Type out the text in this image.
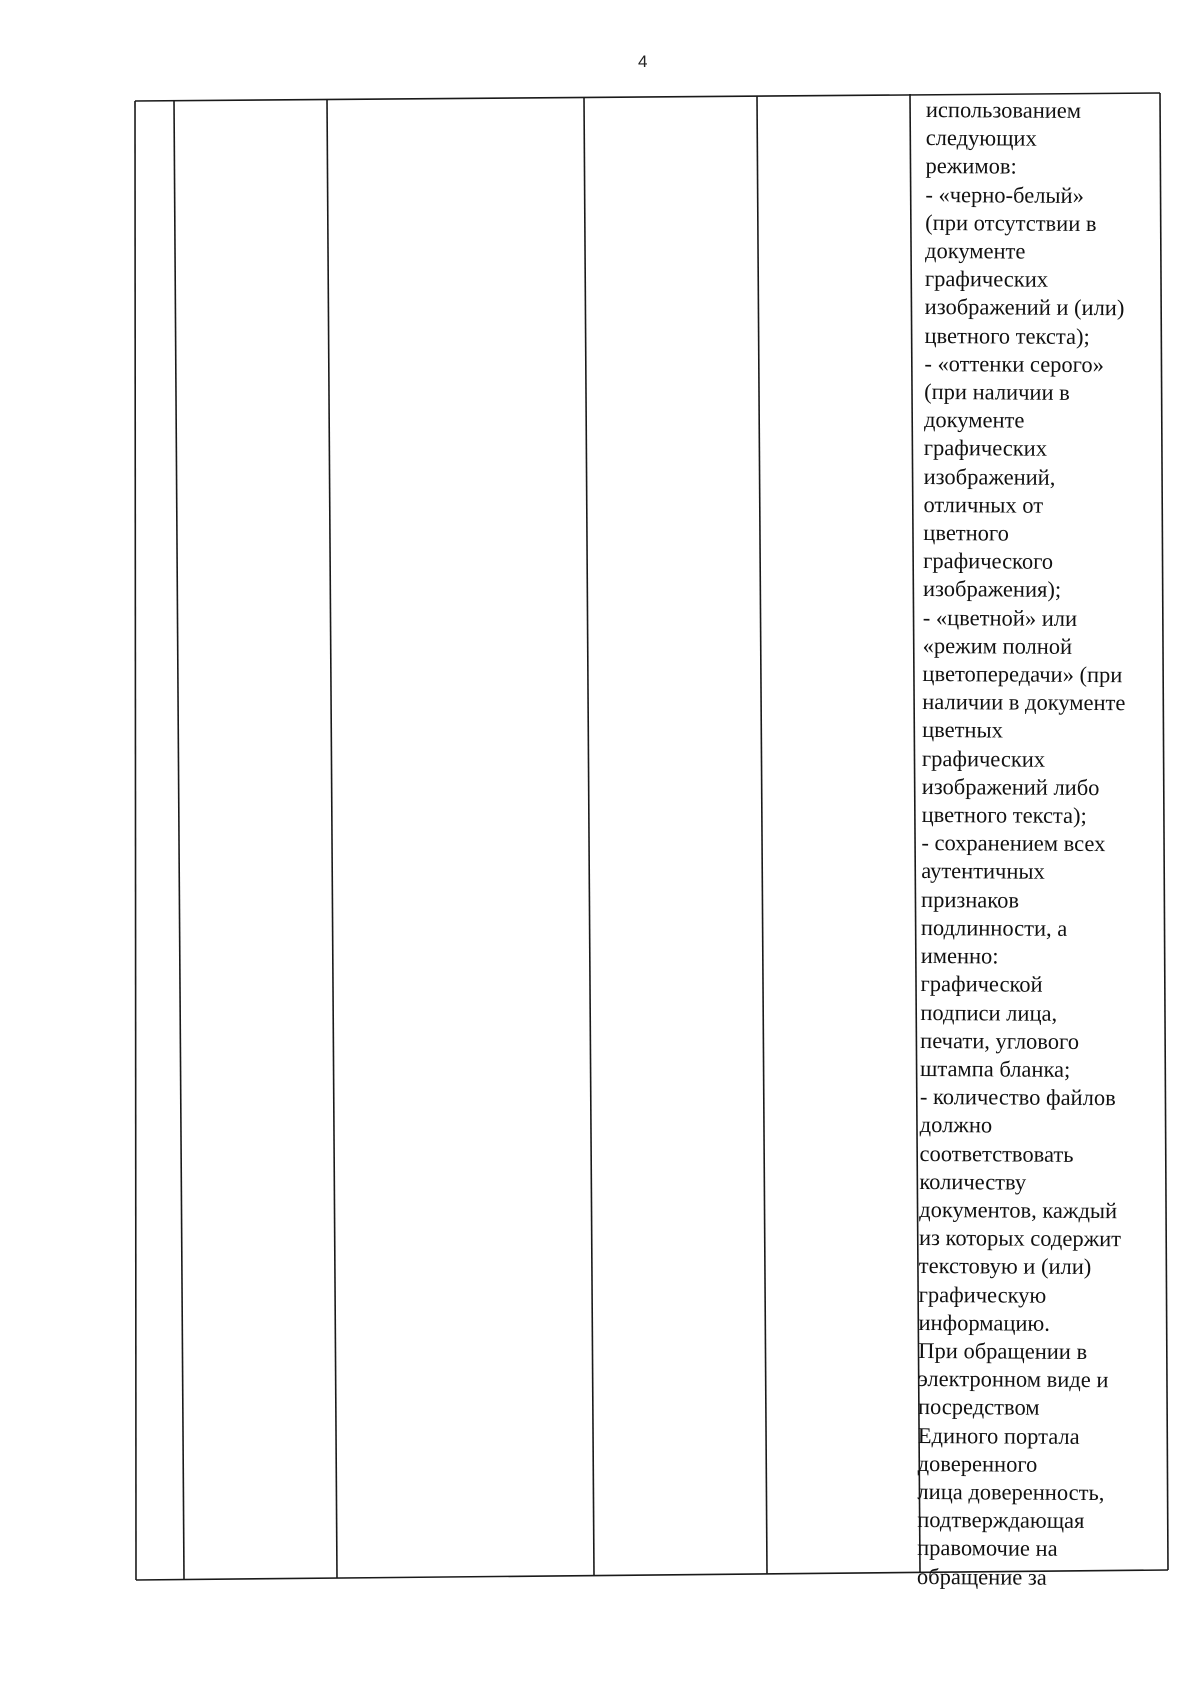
4
использованием
следующих
режимов:
- «черно-белый»
(при отсутствии в
документе
графических
изображений и (или)
цветного текста);
- «оттенки серого»
(при наличии в
документе
графических
изображений,
отличных от
цветного
графического
изображения);
- «цветной» или
«режим полной
цветопередачи» (при
наличии в документе
цветных
графических
изображений либо
цветного текста);
- сохранением всех
аутентичных
признаков
подлинности, а
именно:
графической
подписи лица,
печати, углового
штампа бланка;
- количество файлов
должно
соответствовать
количеству
документов, каждый
из которых содержит
текстовую и (или)
графическую
информацию.
При обращении в
электронном виде и
посредством
Единого портала
доверенного
лица доверенность,
подтверждающая
правомочие на
обращение за
